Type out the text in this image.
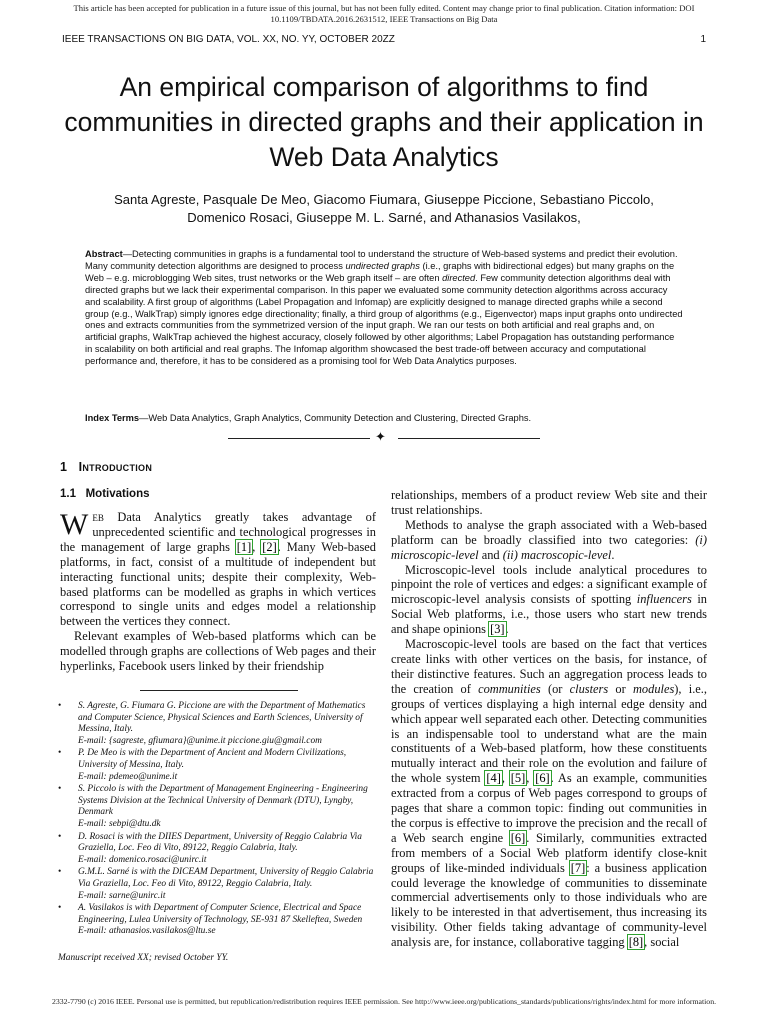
This article has been accepted for publication in a future issue of this journal, but has not been fully edited. Content may change prior to final publication. Citation information: DOI 10.1109/TBDATA.2016.2631512, IEEE Transactions on Big Data
IEEE TRANSACTIONS ON BIG DATA, VOL. XX, NO. YY, OCTOBER 20ZZ	1
An empirical comparison of algorithms to find communities in directed graphs and their application in Web Data Analytics
Santa Agreste, Pasquale De Meo, Giacomo Fiumara, Giuseppe Piccione, Sebastiano Piccolo,
Domenico Rosaci, Giuseppe M. L. Sarné, and Athanasios Vasilakos,
Abstract—Detecting communities in graphs is a fundamental tool to understand the structure of Web-based systems and predict their evolution. Many community detection algorithms are designed to process undirected graphs (i.e., graphs with bidirectional edges) but many graphs on the Web – e.g. microblogging Web sites, trust networks or the Web graph itself – are often directed. Few community detection algorithms deal with directed graphs but we lack their experimental comparison. In this paper we evaluated some community detection algorithms across accuracy and scalability. A first group of algorithms (Label Propagation and Infomap) are explicitly designed to manage directed graphs while a second group (e.g., WalkTrap) simply ignores edge directionality; finally, a third group of algorithms (e.g., Eigenvector) maps input graphs onto undirected ones and extracts communities from the symmetrized version of the input graph. We ran our tests on both artificial and real graphs and, on artificial graphs, WalkTrap achieved the highest accuracy, closely followed by other algorithms; Label Propagation has outstanding performance in scalability on both artificial and real graphs. The Infomap algorithm showcased the best trade-off between accuracy and computational performance and, therefore, it has to be considered as a promising tool for Web Data Analytics purposes.
Index Terms—Web Data Analytics, Graph Analytics, Community Detection and Clustering, Directed Graphs.
✦
1 Introduction
1.1 Motivations

Web Data Analytics greatly takes advantage of unprecedented scientific and technological progresses in the management of large graphs [1], [2]. Many Web-based platforms, in fact, consist of a multitude of independent but interacting functional units; despite their complexity, Web-based platforms can be modelled as graphs in which vertices correspond to single units and edges model a relationship between the vertices they connect.

Relevant examples of Web-based platforms which can be modelled through graphs are collections of Web pages and their hyperlinks, Facebook users linked by their friendship

• S. Agreste, G. Fiumara G. Piccione are with the Department of Mathematics and Computer Science, Physical Sciences and Earth Sciences, University of Messina, Italy.
E-mail: {sagreste, gfiumara}@unime.it piccione.giu@gmail.com
• P. De Meo is with the Department of Ancient and Modern Civilizations, University of Messina, Italy.
E-mail: pdemeo@unime.it
• S. Piccolo is with the Department of Management Engineering - Engineering Systems Division at the Technical University of Denmark (DTU), Lyngby, Denmark
E-mail: sebpi@dtu.dk
• D. Rosaci is with the DIIES Department, University of Reggio Calabria Via Graziella, Loc. Feo di Vito, 89122, Reggio Calabria, Italy.
E-mail: domenico.rosaci@unirc.it
• G.M.L. Sarné is with the DICEAM Department, University of Reggio Calabria Via Graziella, Loc. Feo di Vito, 89122, Reggio Calabria, Italy.
E-mail: sarne@unirc.it
• A. Vasilakos is with Department of Computer Science, Electrical and Space Engineering, Lulea University of Technology, SE-931 87 Skelleftea, Sweden
E-mail: athanasios.vasilakos@ltu.se
Manuscript received XX; revised October YY.

relationships, members of a product review Web site and their trust relationships.

Methods to analyse the graph associated with a Web-based platform can be broadly classified into two categories: (i) microscopic-level and (ii) macroscopic-level.

Microscopic-level tools include analytical procedures to pinpoint the role of vertices and edges: a significant example of microscopic-level analysis consists of spotting influencers in Social Web platforms, i.e., those users who start new trends and shape opinions [3].

Macroscopic-level tools are based on the fact that vertices create links with other vertices on the basis, for instance, of their distinctive features. Such an aggregation process leads to the creation of communities (or clusters or modules), i.e., groups of vertices displaying a high internal edge density and which appear well separated each other. Detecting communities is an indispensable tool to understand what are the main constituents of a Web-based platform, how these constituents mutually interact and their role on the evolution and failure of the whole system [4], [5], [6]. As an example, communities extracted from a corpus of Web pages correspond to groups of pages that share a common topic: finding out communities in the corpus is effective to improve the precision and the recall of a Web search engine [6]. Similarly, communities extracted from members of a Social Web platform identify close-knit groups of like-minded individuals [7]: a business application could leverage the knowledge of communities to disseminate commercial advertisements only to those individuals who are likely to be interested in that advertisement, thus increasing its visibility. Other fields taking advantage of community-level analysis are, for instance, collaborative tagging [8], social

2332-7790 (c) 2016 IEEE. Personal use is permitted, but republication/redistribution requires IEEE permission. See http://www.ieee.org/publications_standards/publications/rights/index.html for more information.
